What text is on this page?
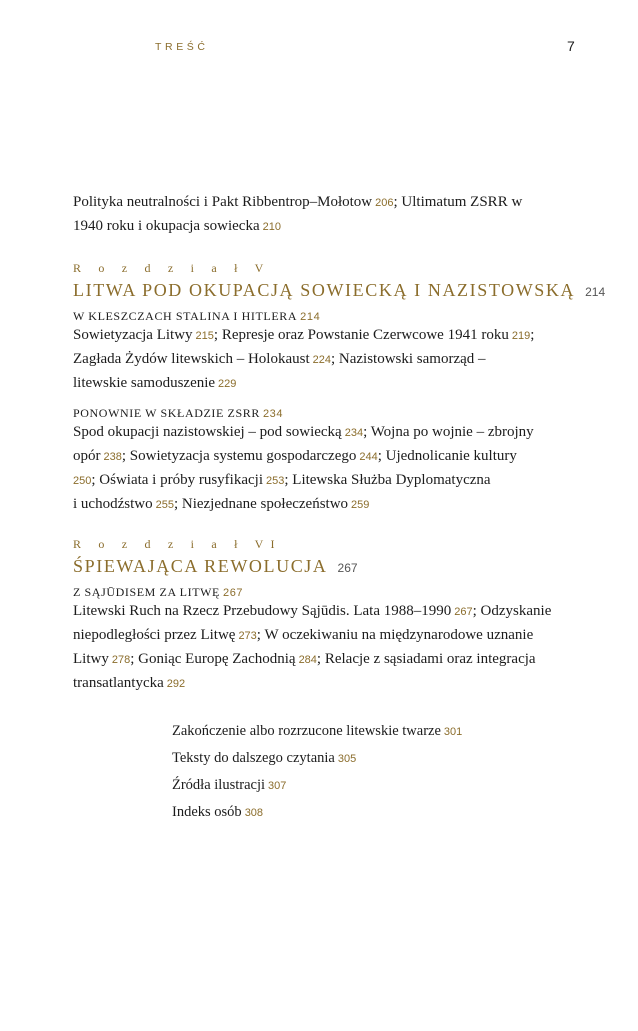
TREŚĆ	7

Polityka neutralności i Pakt Ribbentrop–Mołotow 206; Ultimatum ZSRR w

1940 roku i okupacja sowiecka 210

R o z d z i a ł V

LITWA POD OKUPACJĄ SOWIECKĄ I NAZISTOWSKĄ 214

W KLESZCZACH STALINA I HITLERA 214

Sowietyzacja Litwy 215; Represje oraz Powstanie Czerwcowe 1941 roku 219;

Zagłada Żydów litewskich – Holokaust 224; Nazistowski samorząd –

litewskie samoduszenie 229

PONOWNIE W SKŁADZIE ZSRR 234

Spod okupacji nazistowskiej – pod sowiecką 234; Wojna po wojnie – zbrojny

opór 238; Sowietyzacja systemu gospodarczego 244; Ujednolicanie kultury

250; Oświata i próby rusyfikacji 253; Litewska Służba Dyplomatyczna

i uchodźstwo 255; Niezjednane społeczeństwo 259

R o z d z i a ł VI

ŚPIEWAJĄCA REWOLUCJA 267

Z SĄJŪDISEM ZA LITWĘ 267

Litewski Ruch na Rzecz Przebudowy Sąjūdis. Lata 1988–1990 267; Odzyskanie

niepodległości przez Litwę 273; W oczekiwaniu na międzynarodowe uznanie

Litwy 278; Goniąc Europę Zachodnią 284; Relacje z sąsiadami oraz integracja

transatlantycka 292

Zakończenie albo rozrzucone litewskie twarze 301

Teksty do dalszego czytania 305

Źródła ilustracji 307

Indeks osób 308
